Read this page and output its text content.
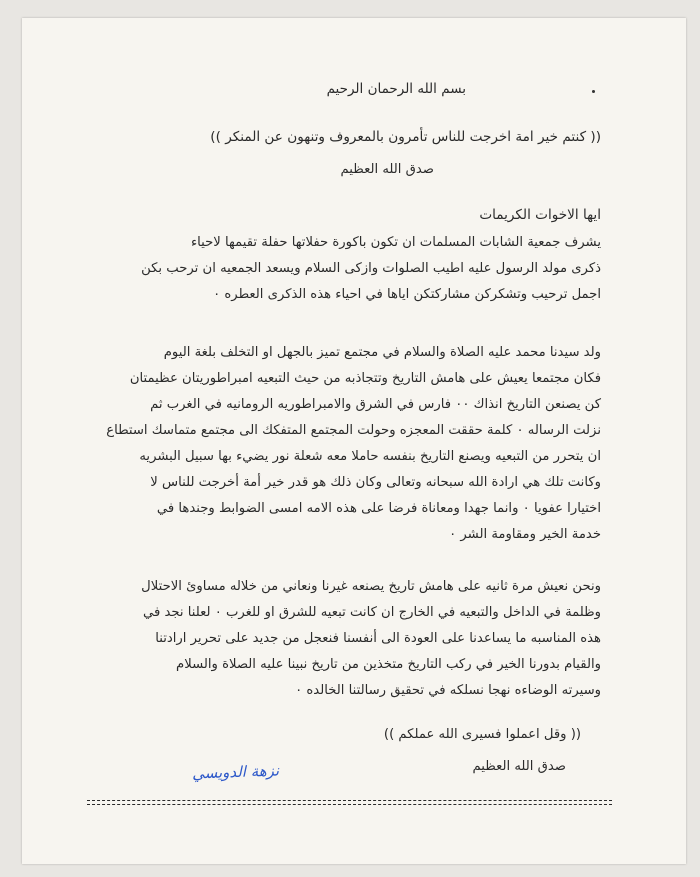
بسم الله الرحمان الرحيم
(( كنتم خير امة اخرجت للناس تأمرون بالمعروف وتنهون عن المنكر ))
صدق الله العظيم
ايها الاخوات الكريمات
يشرف جمعية الشابات المسلمات ان تكون باكورة حفلاتها حفلة تقيمها لاحياء
ذكرى مولد الرسول عليه اطيب الصلوات وازكى السلام ويسعد الجمعيه ان ترحب بكن
اجمل ترحيب وتشكركن مشاركتكن اياها في احياء هذه الذكرى العطره ٠
ولد سيدنا محمد عليه الصلاة والسلام في مجتمع تميز بالجهل او التخلف بلغة اليوم
فكان مجتمعا يعيش على هامش التاريخ وتتجاذبه من حيث التبعيه امبراطوريتان عظيمتان
كن يصنعن التاريخ انذاك ٠٠ فارس في الشرق والامبراطوريه الرومانيه في الغرب ثم
نزلت الرساله ٠ كلمة حققت المعجزه وحولت المجتمع المتفكك الى مجتمع متماسك استطاع
ان يتحرر من التبعيه ويصنع التاريخ بنفسه حاملا معه شعلة نور يضيء بها سبيل البشريه
وكانت تلك هي ارادة الله سبحانه وتعالى وكان ذلك هو قدر خير أمة أخرجت للناس لا
اختيارا عفويا ٠ وانما جهدا ومعاناة فرضا على هذه الامه امسى الضوابط وجندها في
خدمة الخير ومقاومة الشر ٠
ونحن نعيش مرة ثانيه على هامش تاريخ يصنعه غيرنا ونعاني من خلاله مساوئ الاحتلال
وظلمة في الداخل والتبعيه في الخارج ان كانت تبعيه للشرق او للغرب ٠ لعلنا نجد في
هذه المناسبه ما يساعدنا على العودة الى أنفسنا فنعجل من جديد على تحرير ارادتنا
والقيام بدورنا الخير في ركب التاريخ متخذين من تاريخ نبينا عليه الصلاة والسلام
وسيرته الوضاءه نهجا نسلكه في تحقيق رسالتنا الخالده ٠
(( وقل اعملوا فسيرى الله عملكم ))
صدق الله العظيم
نزهة الدويسي
